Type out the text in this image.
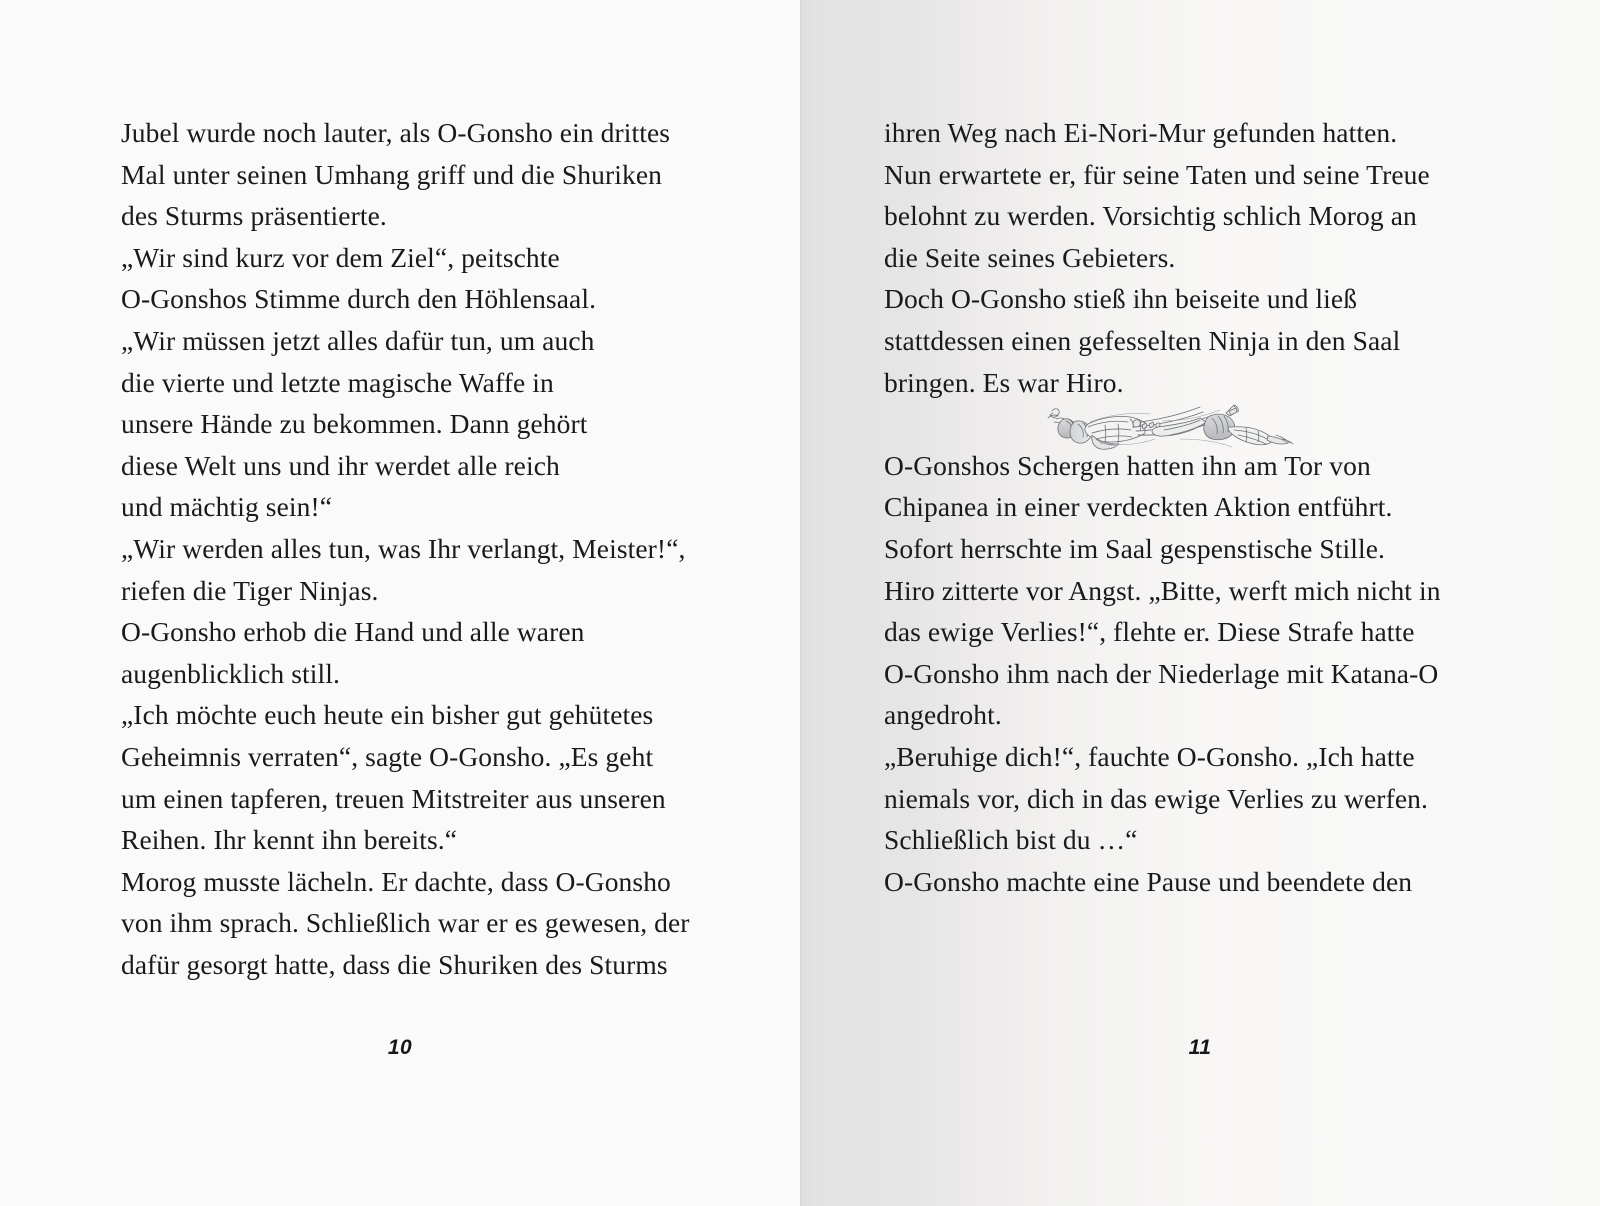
Jubel wurde noch lauter, als O-Gonsho ein drittes
Mal unter seinen Umhang griff und die Shuriken
des Sturms präsentierte.
„Wir sind kurz vor dem Ziel“, peitschte
O-Gonshos Stimme durch den Höhlensaal.
„Wir müssen jetzt alles dafür tun, um auch
die vierte und letzte magische Waffe in
unsere Hände zu bekommen. Dann gehört
diese Welt uns und ihr werdet alle reich
und mächtig sein!“
„Wir werden alles tun, was Ihr verlangt, Meister!“,
riefen die Tiger Ninjas.
O-Gonsho erhob die Hand und alle waren
augenblicklich still.
„Ich möchte euch heute ein bisher gut gehütetes
Geheimnis verraten“, sagte O-Gonsho. „Es geht
um einen tapferen, treuen Mitstreiter aus unseren
Reihen. Ihr kennt ihn bereits.“
Morog musste lächeln. Er dachte, dass O-Gonsho
von ihm sprach. Schließlich war er es gewesen, der
dafür gesorgt hatte, dass die Shuriken des Sturms
10
ihren Weg nach Ei-Nori-Mur gefunden hatten.
Nun erwartete er, für seine Taten und seine Treue
belohnt zu werden. Vorsichtig schlich Morog an
die Seite seines Gebieters.
Doch O-Gonsho stieß ihn beiseite und ließ
stattdessen einen gefesselten Ninja in den Saal
bringen. Es war Hiro.
O-Gonshos Schergen hatten ihn am Tor von
Chipanea in einer verdeckten Aktion entführt.
Sofort herrschte im Saal gespenstische Stille.
Hiro zitterte vor Angst. „Bitte, werft mich nicht in
das ewige Verlies!“, flehte er. Diese Strafe hatte
O-Gonsho ihm nach der Niederlage mit Katana-O
angedroht.
„Beruhige dich!“, fauchte O-Gonsho. „Ich hatte
niemals vor, dich in das ewige Verlies zu werfen.
Schließlich bist du …“
O-Gonsho machte eine Pause und beendete den
11
